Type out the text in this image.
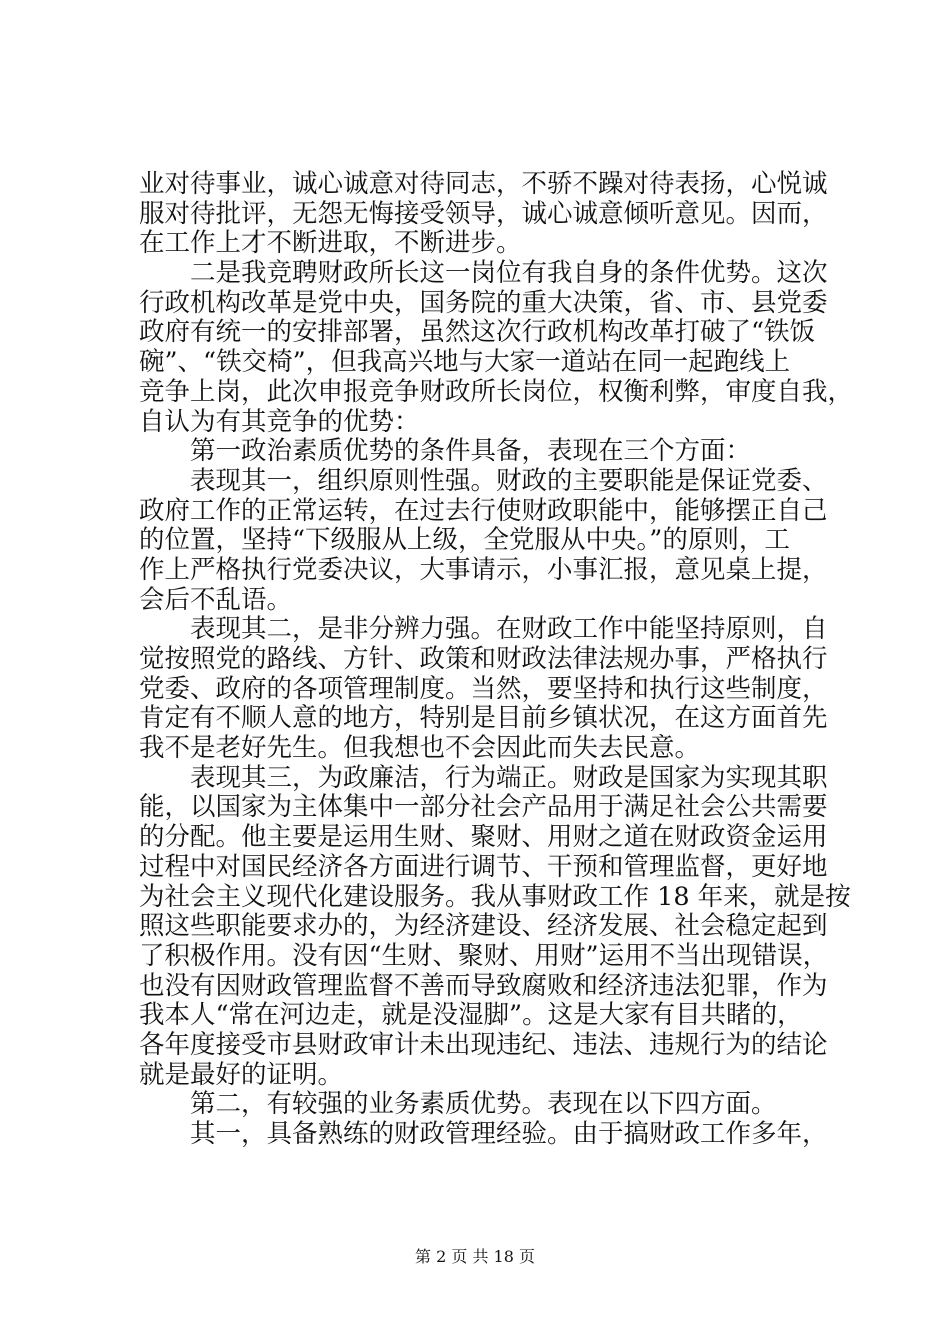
业对待事业，诚心诚意对待同志，不骄不躁对待表扬，心悦诚
服对待批评，无怨无悔接受领导，诚心诚意倾听意见。因而，
在工作上才不断进取，不断进步。
　　二是我竞聘财政所长这一岗位有我自身的条件优势。这次
行政机构改革是党中央，国务院的重大决策，省、市、县党委
政府有统一的安排部署，虽然这次行政机构改革打破了“铁饭
碗”、“铁交椅”，但我高兴地与大家一道站在同一起跑线上
竞争上岗，此次申报竞争财政所长岗位，权衡利弊，审度自我，
自认为有其竞争的优势：
　　第一政治素质优势的条件具备，表现在三个方面：
　　表现其一，组织原则性强。财政的主要职能是保证党委、
政府工作的正常运转，在过去行使财政职能中，能够摆正自己
的位置，坚持“下级服从上级，全党服从中央。”的原则，工
作上严格执行党委决议，大事请示，小事汇报，意见桌上提，
会后不乱语。
　　表现其二，是非分辨力强。在财政工作中能坚持原则，自
觉按照党的路线、方针、政策和财政法律法规办事，严格执行
党委、政府的各项管理制度。当然，要坚持和执行这些制度，
肯定有不顺人意的地方，特别是目前乡镇状况，在这方面首先
我不是老好先生。但我想也不会因此而失去民意。
　　表现其三，为政廉洁，行为端正。财政是国家为实现其职
能，以国家为主体集中一部分社会产品用于满足社会公共需要
的分配。他主要是运用生财、聚财、用财之道在财政资金运用
过程中对国民经济各方面进行调节、干预和管理监督，更好地
为社会主义现代化建设服务。我从事财政工作 18 年来，就是按
照这些职能要求办的，为经济建设、经济发展、社会稳定起到
了积极作用。没有因“生财、聚财、用财”运用不当出现错误，
也没有因财政管理监督不善而导致腐败和经济违法犯罪，作为
我本人“常在河边走，就是没湿脚”。这是大家有目共睹的，
各年度接受市县财政审计未出现违纪、违法、违规行为的结论
就是最好的证明。
　　第二，有较强的业务素质优势。表现在以下四方面。
　　其一，具备熟练的财政管理经验。由于搞财政工作多年，
第 2 页 共 18 页
